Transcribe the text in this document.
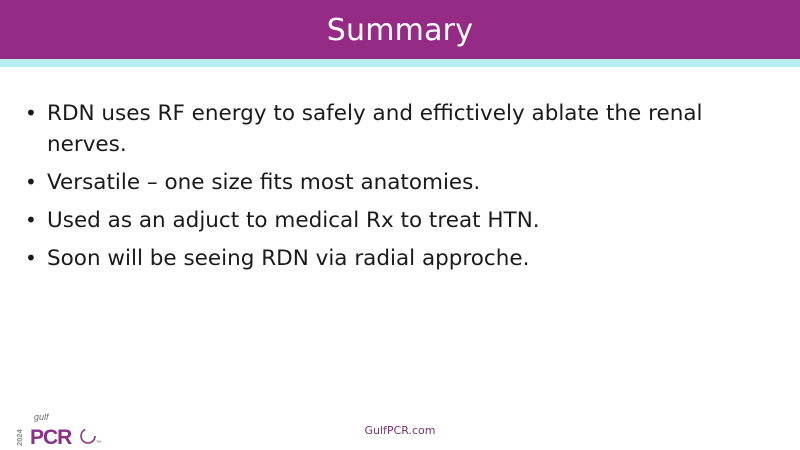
Summary
• RDN uses RF energy to safely and effictively ablate the renal nerves.
• Versatile – one size fits most anatomies.
• Used as an adjuct to medical Rx to treat HTN.
• Soon will be seeing RDN via radial approche.
2024
gulf
PCR	™
GulfPCR.com
